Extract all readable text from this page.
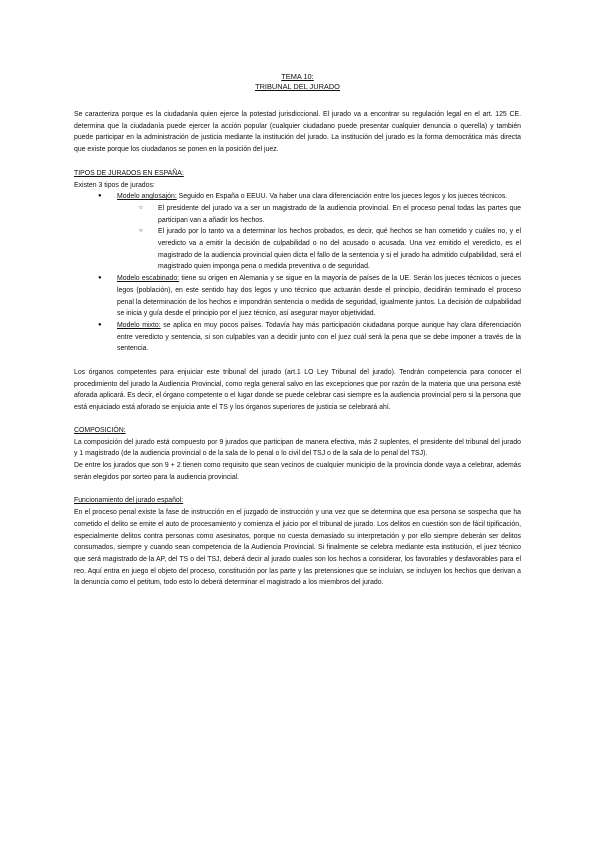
TEMA 10:
TRIBUNAL DEL JURADO

Se caracteriza porque es la ciudadanía quien ejerce la potestad jurisdiccional. El jurado va a encontrar su regulación legal en el art. 125 CE. determina que la ciudadanía puede ejercer la acción popular (cualquier ciudadano puede presentar cualquier denuncia o querella) y también puede participar en la administración de justicia mediante la institución del jurado. La institución del jurado es la forma democrática más directa que existe porque los ciudadanos se ponen en la posición del juez.

TIPOS DE JURADOS EN ESPAÑA:

Existen 3 tipos de jurados:

● Modelo anglosajón: Seguido en España o EEUU. Va haber una clara diferenciación entre los jueces legos y los jueces técnicos.
○ El presidente del jurado va a ser un magistrado de la audiencia provincial. En el proceso penal todas las partes que participan van a añadir los hechos.
○ El jurado por lo tanto va a determinar los hechos probados, es decir, qué hechos se han cometido y cuáles no, y el veredicto va a emitir la decisión de culpabilidad o no del acusado o acusada. Una vez emitido el veredicto, es el magistrado de la audiencia provincial quien dicta el fallo de la sentencia y si el jurado ha admitido culpabilidad, será el magistrado quien imponga pena o medida preventiva o de seguridad.
● Modelo escabinado: tiene su origen en Alemania y se sigue en la mayoría de países de la UE. Serán los jueces técnicos o jueces legos (población), en este sentido hay dos legos y uno técnico que actuarán desde el principio, decidirán terminado el proceso penal la determinación de los hechos e impondrán sentencia o medida de seguridad, igualmente juntos. La decisión de culpabilidad se inicia y guía desde el principio por el juez técnico, así asegurar mayor objetividad.
● Modelo mixto: se aplica en muy pocos países. Todavía hay más participación ciudadana porque aunque hay clara diferenciación entre veredicto y sentencia, si son culpables van a decidir junto con el juez cuál será la pena que se debe imponer a través de la sentencia.

Los órganos competentes para enjuiciar este tribunal del jurado (art.1 LO Ley Tribunal del jurado). Tendrán competencia para conocer el procedimiento del jurado la Audiencia Provincial, como regla general salvo en las excepciones que por razón de la materia que una persona esté aforada aplicará. Es decir, el órgano competente o el lugar donde se puede celebrar casi siempre es la audiencia provincial pero si la persona que está enjuiciado está aforado se enjuicia ante el TS y los órganos superiores de justicia se celebrará ahí.

COMPOSICIÓN:

La composición del jurado está compuesto por 9 jurados que participan de manera efectiva, más 2 suplentes, el presidente del tribunal del jurado y 1 magistrado (de la audiencia provincial o de la sala de lo penal o lo civil del TSJ o de la sala de lo penal del TSJ).

De entre los jurados que son 9 + 2 tienen como requisito que sean vecinos de cualquier municipio de la provincia donde vaya a celebrar, además serán elegidos por sorteo para la audiencia provincial.

Funcionamiento del jurado español:

En el proceso penal existe la fase de instrucción en el juzgado de instrucción y una vez que se determina que esa persona se sospecha que ha cometido el delito se emite el auto de procesamiento y comienza el juicio por el tribunal de jurado. Los delitos en cuestión son de fácil tipificación, especialmente delitos contra personas como asesinatos, porque no cuesta demasiado su interpretación y por ello siempre deberán ser delitos consumados, siempre y cuando sean competencia de la Audiencia Provincial. Si finalmente se celebra mediante esta institución, el juez técnico que será magistrado de la AP, del TS o del TSJ, deberá decir al jurado cuales son los hechos a considerar, los favorables y desfavorables para el reo. Aquí entra en juego el objeto del proceso, constitución por las parte y las pretensiones que se incluían, se incluyen los hechos que derivan a la denuncia como el petitum, todo esto lo deberá determinar el magistrado a los miembros del jurado.
